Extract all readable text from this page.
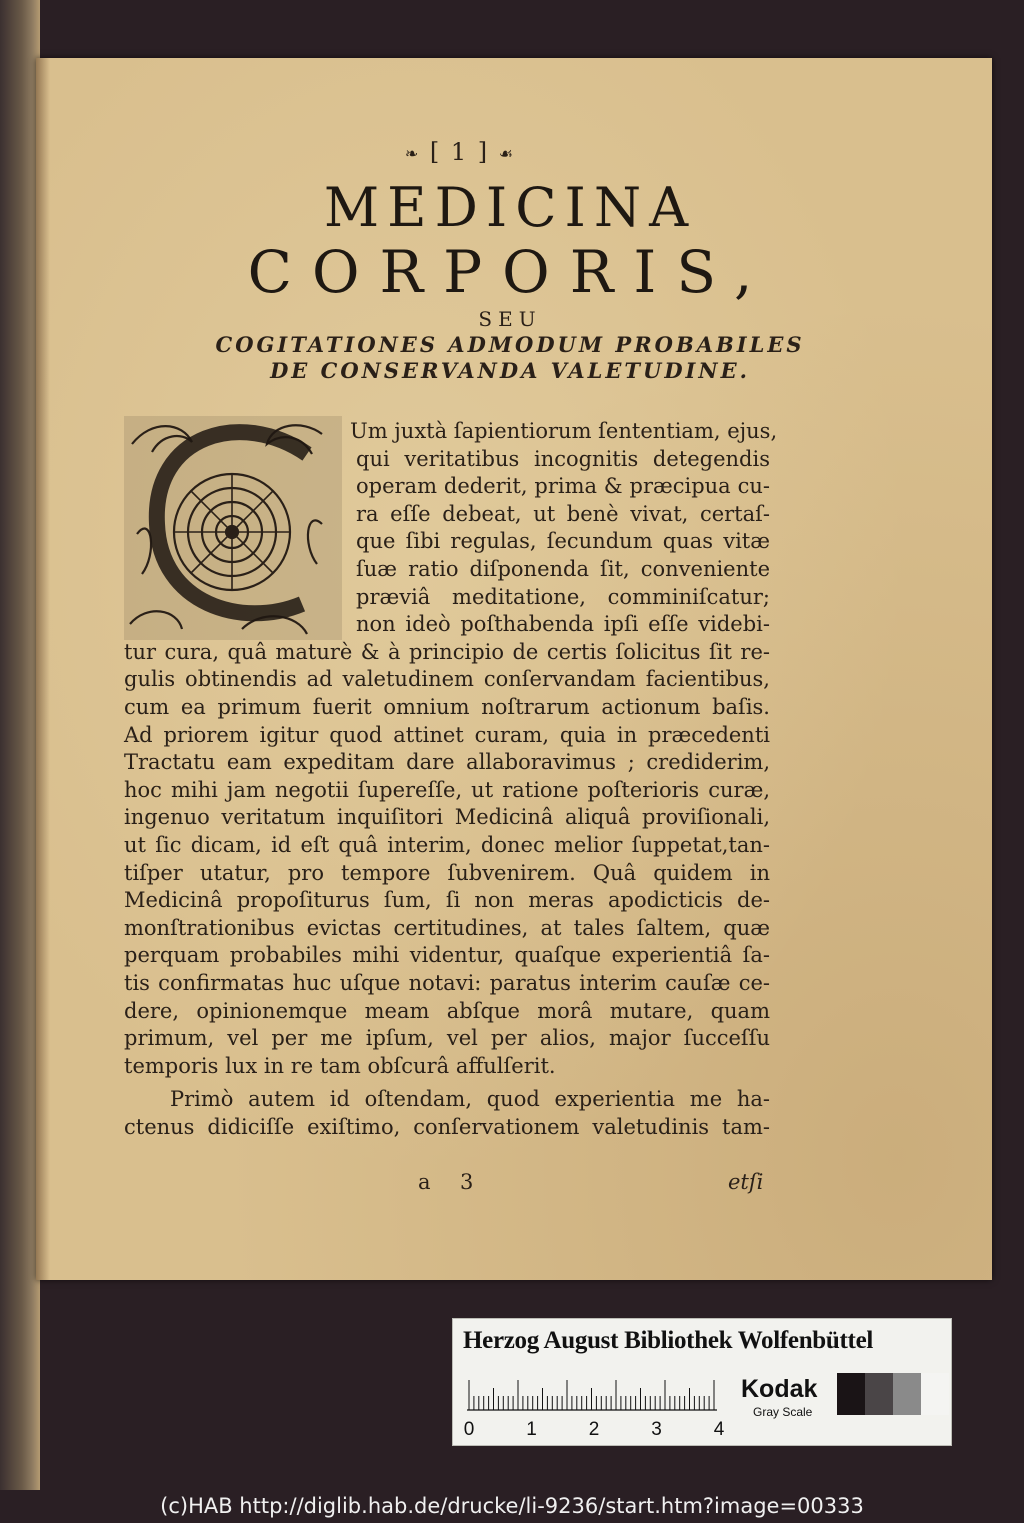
❧ [ 1 ] ☙
MEDICINA
CORPORIS,
SEU
COGITATIONES ADMODUM PROBABILES
DE CONSERVANDA VALETUDINE.
C
Um juxtà ſapientiorum ſententiam, ejus,
qui veritatibus incognitis detegendis
operam dederit, prima & præcipua cu-
ra eſſe debeat, ut benè vivat, certaſ-
que ſibi regulas, ſecundum quas vitæ
ſuæ ratio diſponenda ſit, conveniente
præviâ meditatione, comminiſcatur;
non ideò poſthabenda ipſi eſſe videbi-
tur cura, quâ maturè & à principio de certis ſolicitus ſit re-
gulis obtinendis ad valetudinem conſervandam facientibus,
cum ea primum fuerit omnium noſtrarum actionum baſis.
Ad priorem igitur quod attinet curam, quia in præcedenti
Tractatu eam expeditam dare allaboravimus ; crediderim,
hoc mihi jam negotii ſupereſſe, ut ratione poſterioris curæ,
ingenuo veritatum inquiſitori Medicinâ aliquâ proviſionali,
ut ſic dicam, id eſt quâ interim, donec melior ſuppetat,tan-
tiſper utatur, pro tempore ſubvenirem. Quâ quidem in
Medicinâ propoſiturus ſum, ſi non meras apodicticis de-
monſtrationibus evictas certitudines, at tales ſaltem, quæ
perquam probabiles mihi videntur, quaſque experientiâ ſa-
tis confirmatas huc uſque notavi: paratus interim cauſæ ce-
dere, opinionemque meam abſque morâ mutare, quam
primum, vel per me ipſum, vel per alios, major ſucceſſu
temporis lux in re tam obſcurâ affulſerit.
Primò autem id oſtendam, quod experientia me ha-
ctenus didiciſſe exiſtimo, conſervationem valetudinis tam-
a 3	etſi
Herzog August Bibliothek Wolfenbüttel
0	1	2	3	4
Kodak
Gray Scale
(c)HAB http://diglib.hab.de/drucke/li-9236/start.htm?image=00333
